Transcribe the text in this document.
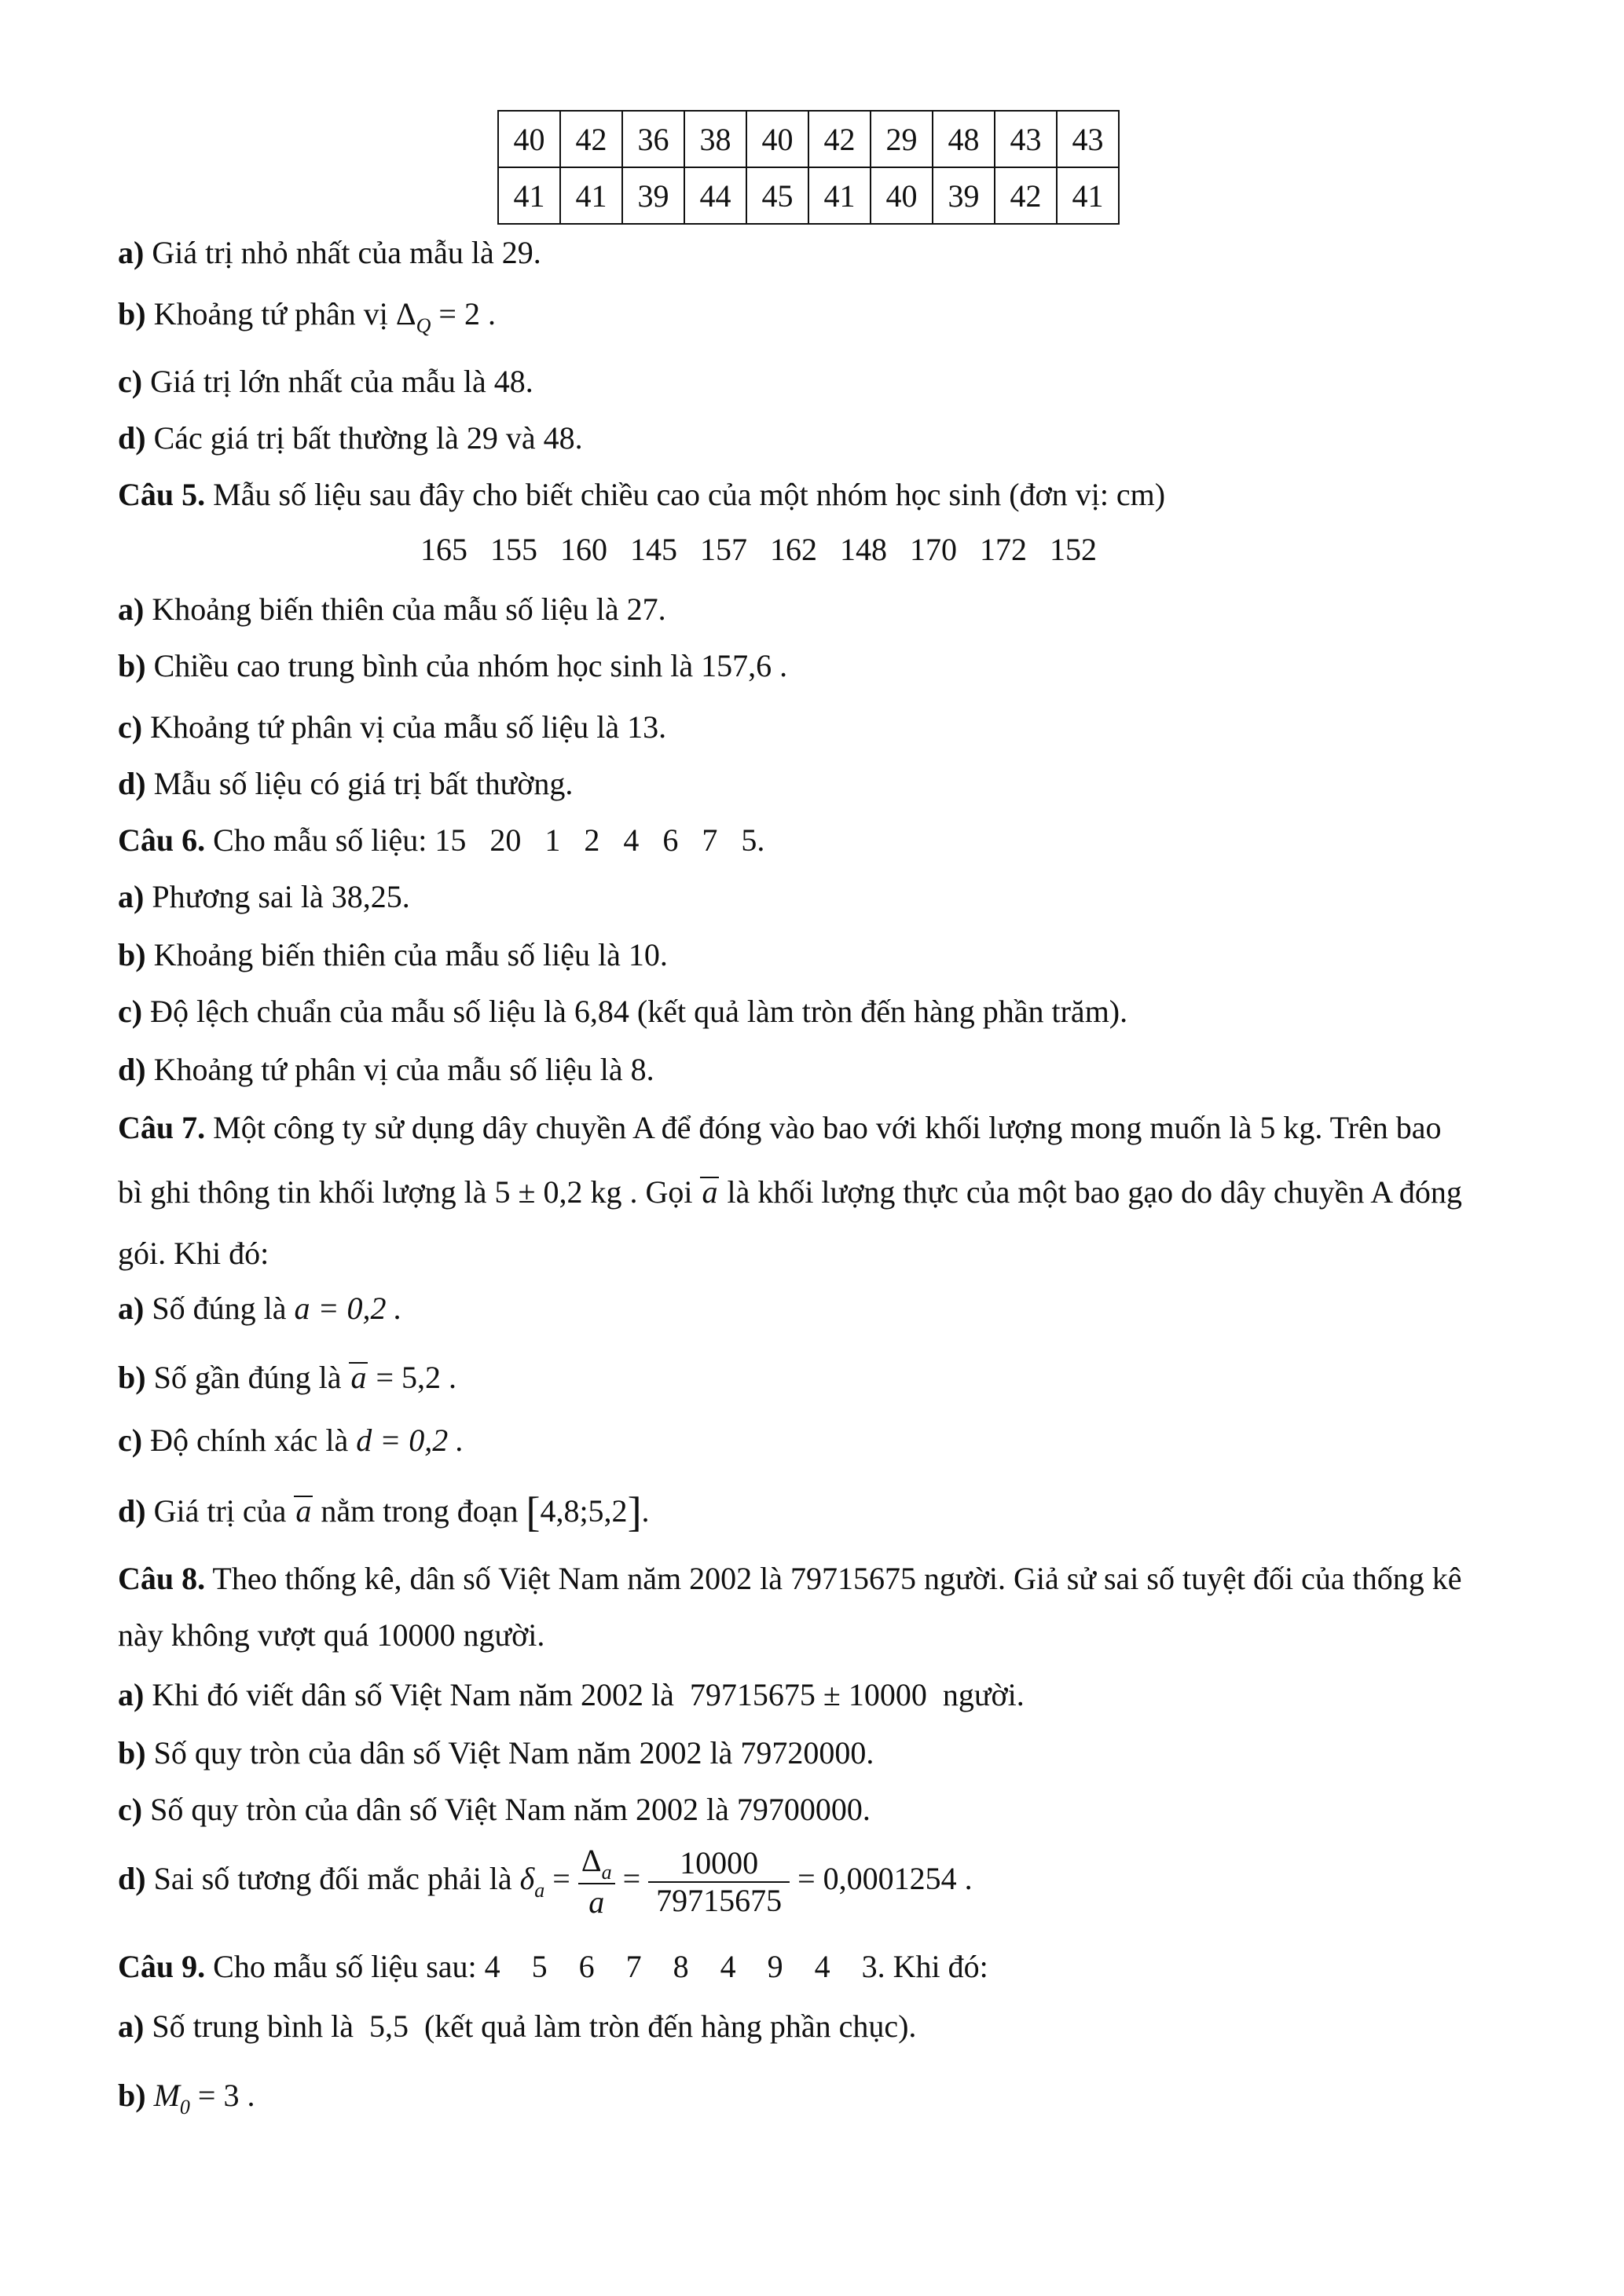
40	42	36	38	40	42	29	48	43	43
41	41	39	44	45	41	40	39	42	41
a) Giá trị nhỏ nhất của mẫu là 29.
b) Khoảng tứ phân vị $\Delta_Q = 2$ .
c) Giá trị lớn nhất của mẫu là 48.
d) Các giá trị bất thường là 29 và 48.
Câu 5. Mẫu số liệu sau đây cho biết chiều cao của một nhóm học sinh (đơn vị: cm)
165 155 160 145 157 162 148 170 172 152
a) Khoảng biến thiên của mẫu số liệu là 27.
b) Chiều cao trung bình của nhóm học sinh là 157,6 .
c) Khoảng tứ phân vị của mẫu số liệu là 13.
d) Mẫu số liệu có giá trị bất thường.
Câu 6. Cho mẫu số liệu: 15   20   1   2   4   6   7   5.
a) Phương sai là 38,25.
b) Khoảng biến thiên của mẫu số liệu là 10.
c) Độ lệch chuẩn của mẫu số liệu là 6,84 (kết quả làm tròn đến hàng phần trăm).
d) Khoảng tứ phân vị của mẫu số liệu là 8.
Câu 7. Một công ty sử dụng dây chuyền A để đóng vào bao với khối lượng mong muốn là 5 kg. Trên bao
bì ghi thông tin khối lượng là 5 ± 0,2 kg . Gọi a là khối lượng thực của một bao gạo do dây chuyền A đóng
gói. Khi đó:
a) Số đúng là a = 0,2 .
b) Số gần đúng là a = 5,2 .
c) Độ chính xác là d = 0,2 .
d) Giá trị của a nằm trong đoạn [4,8;5,2].
Câu 8. Theo thống kê, dân số Việt Nam năm 2002 là 79715675 người. Giả sử sai số tuyệt đối của thống kê
này không vượt quá 10000 người.
a) Khi đó viết dân số Việt Nam năm 2002 là  79715675 ± 10000  người.
b) Số quy tròn của dân số Việt Nam năm 2002 là 79720000.
c) Số quy tròn của dân số Việt Nam năm 2002 là 79700000.
d) Sai số tương đối mắc phải là $\delta_a = \frac{\Delta_a}{a} = \frac{10000}{79715675} = 0,0001254$ .
Câu 9. Cho mẫu số liệu sau: 4    5    6    7    8    4    9    4    3. Khi đó:
a) Số trung bình là  5,5  (kết quả làm tròn đến hàng phần chục).
b) $M_0 = 3$ .
